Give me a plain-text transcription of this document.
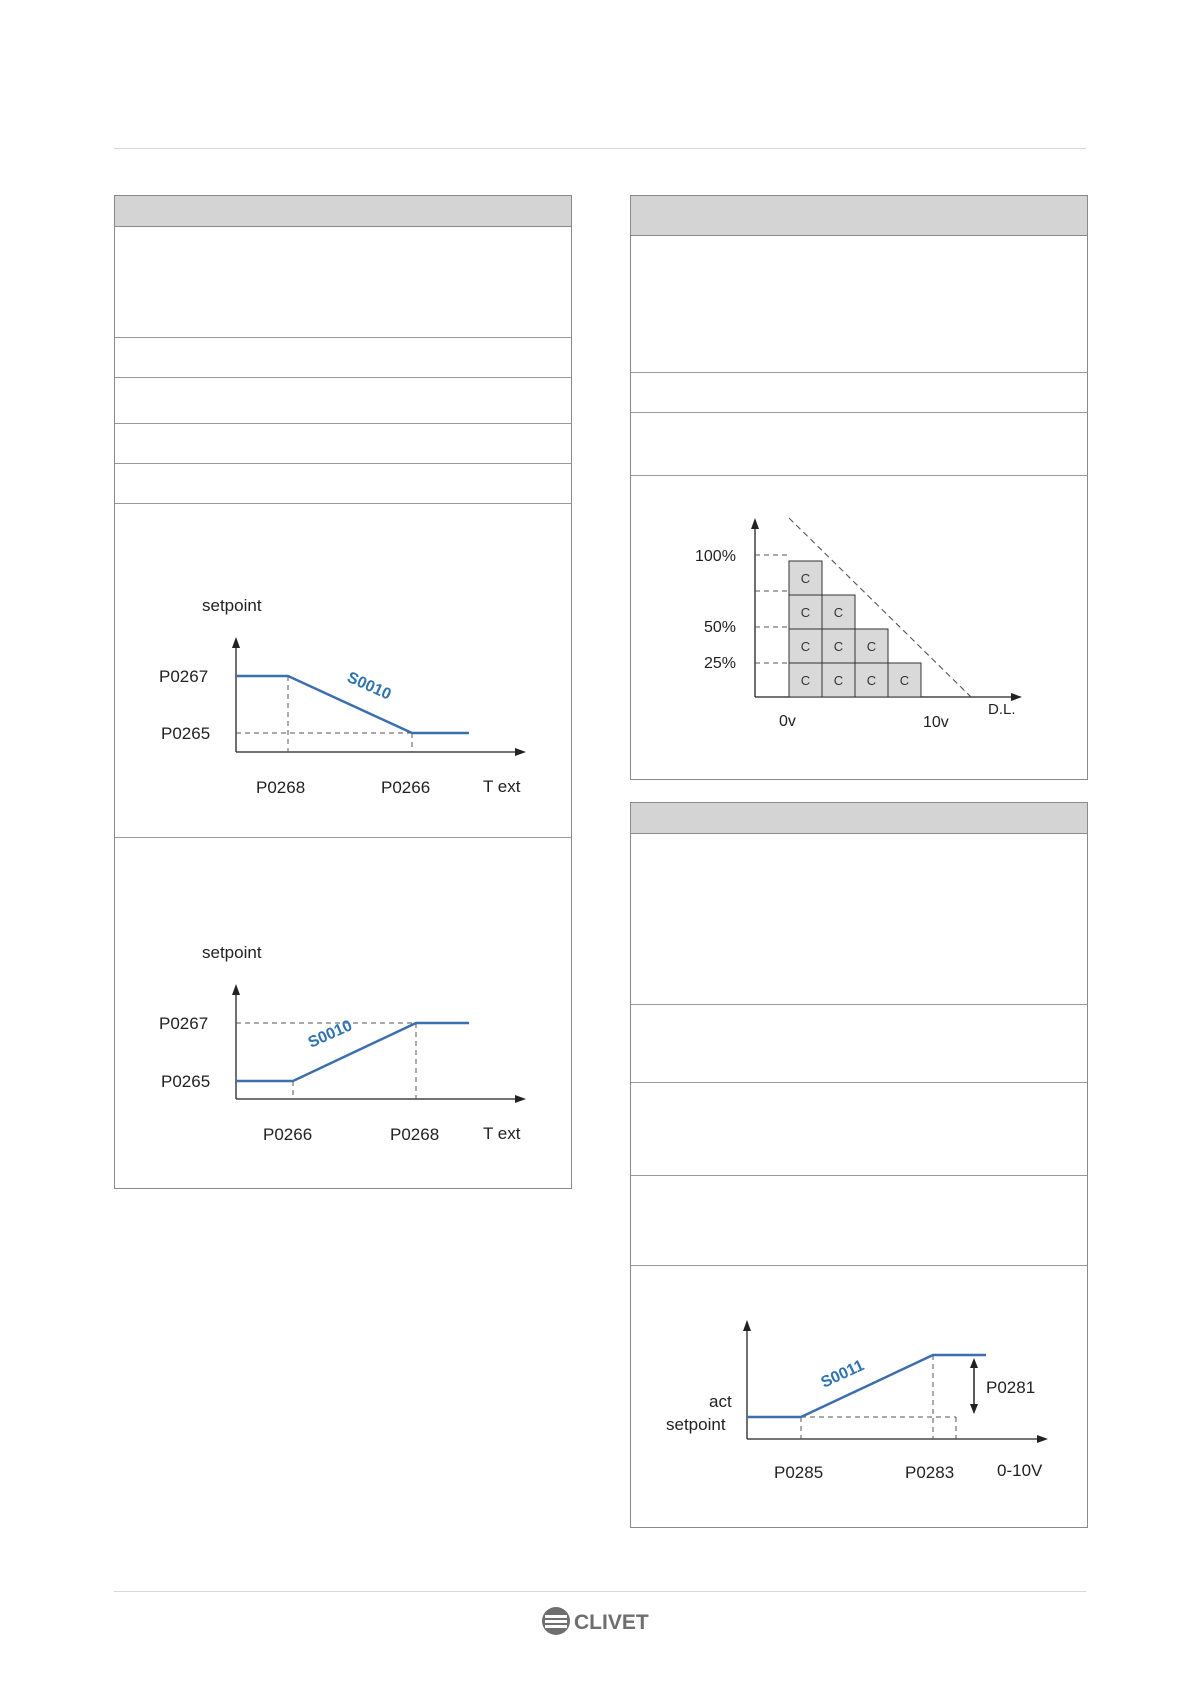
setpoint
S0010
P0267
P0265
P0268	P0266	T ext
setpoint
S0010
P0267
P0265
P0266	P0268	T ext
C C C C
C C C
C C
C
100%
50%
25%
0v	10v
D.L.
S0011	P0281
act
setpoint
P0285	P0283	0-10V
CLIVET
